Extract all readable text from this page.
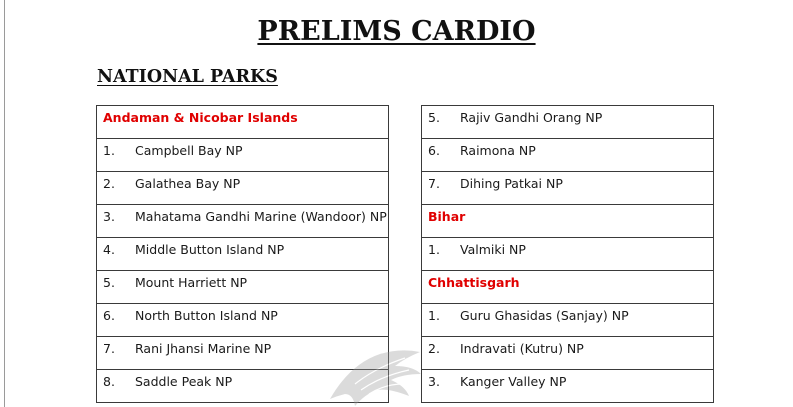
PRELIMS CARDIO
NATIONAL PARKS
Andaman & Nicobar Islands
1. Campbell Bay NP
2. Galathea Bay NP
3. Mahatama Gandhi Marine (Wandoor) NP
4. Middle Button Island NP
5. Mount Harriett NP
6. North Button Island NP
7. Rani Jhansi Marine NP
8. Saddle Peak NP
5. Rajiv Gandhi Orang NP
6. Raimona NP
7. Dihing Patkai NP
Bihar
1. Valmiki NP
Chhattisgarh
1. Guru Ghasidas (Sanjay) NP
2. Indravati (Kutru) NP
3. Kanger Valley NP
